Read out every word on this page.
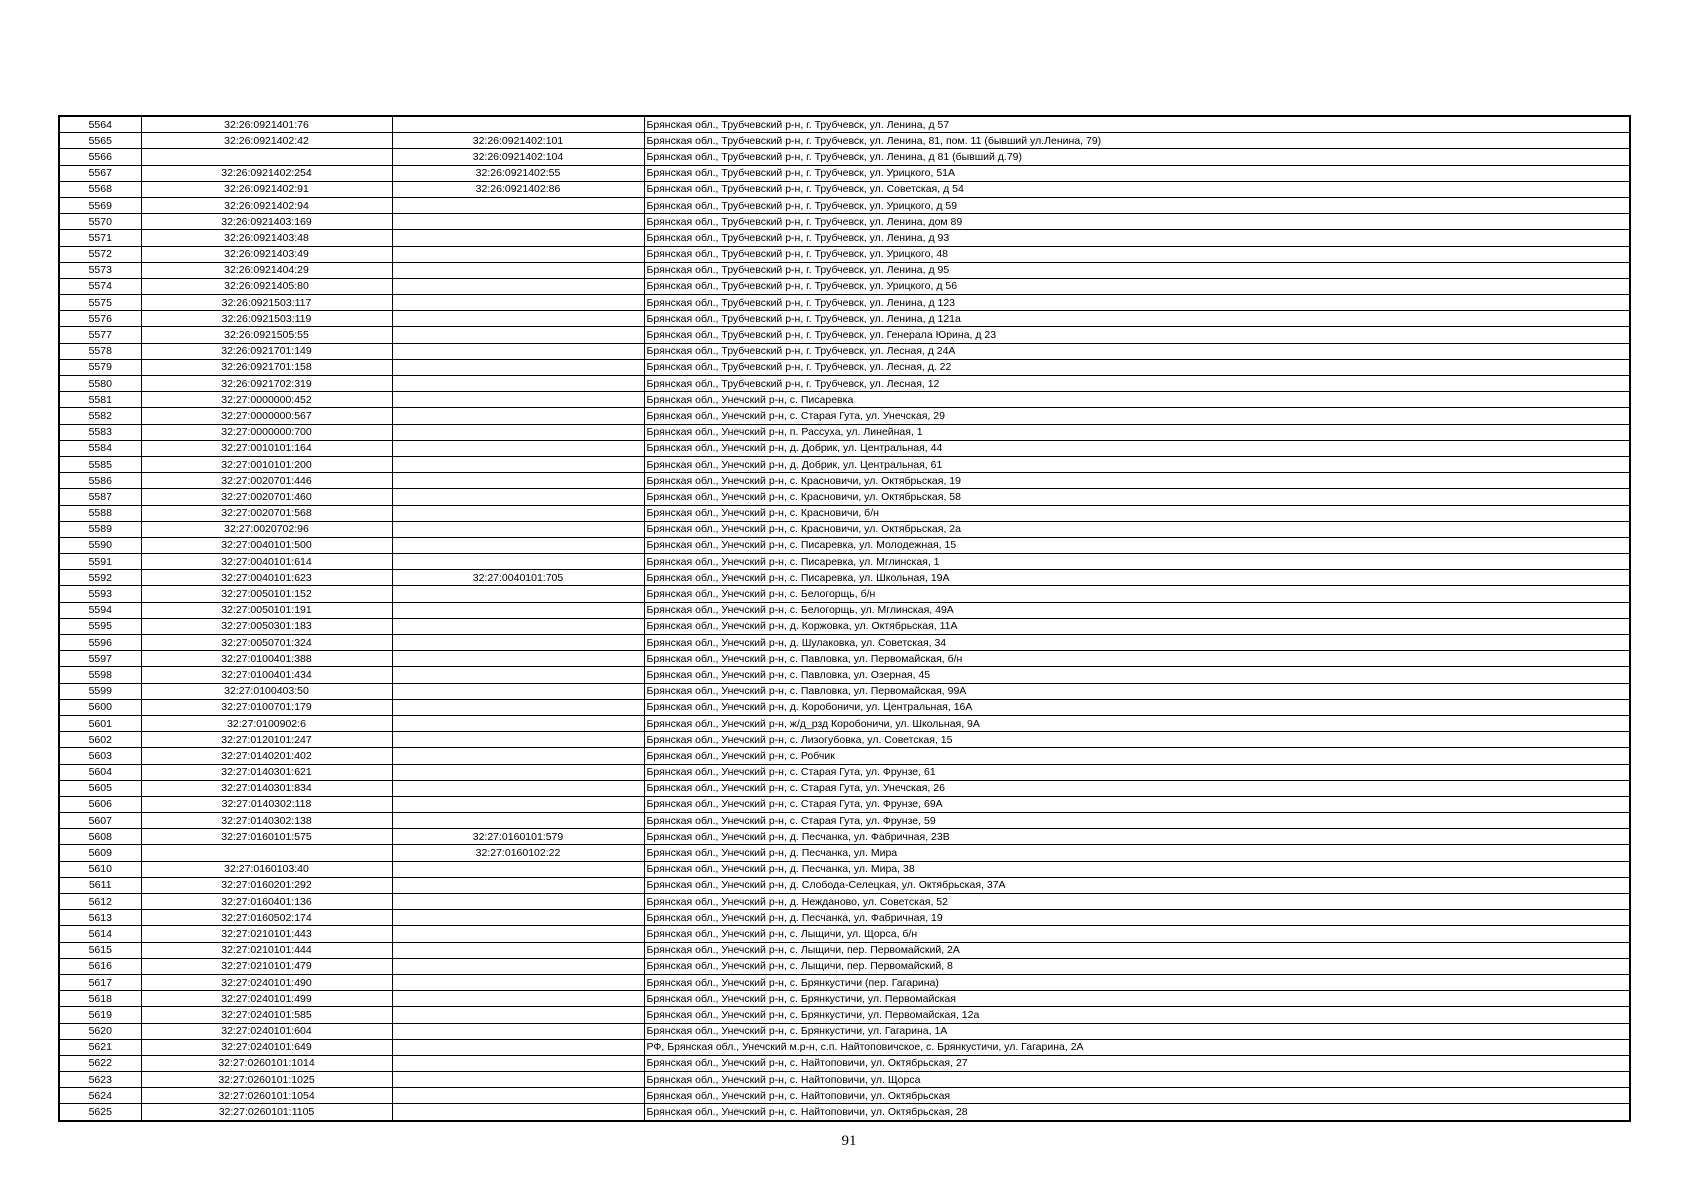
5564	32:26:0921401:76		Брянская обл., Трубчевский р-н, г. Трубчевск, ул. Ленина, д 57
5565	32:26:0921402:42	32:26:0921402:101	Брянская обл., Трубчевский р-н, г. Трубчевск, ул. Ленина, 81, пом. 11 (бывший ул.Ленина, 79)
5566		32:26:0921402:104	Брянская обл., Трубчевский р-н, г. Трубчевск, ул. Ленина, д 81 (бывший д.79)
5567	32:26:0921402:254	32:26:0921402:55	Брянская обл., Трубчевский р-н, г. Трубчевск, ул. Урицкого, 51А
5568	32:26:0921402:91	32:26:0921402:86	Брянская обл., Трубчевский р-н, г. Трубчевск, ул. Советская, д 54
5569	32:26:0921402:94		Брянская обл., Трубчевский р-н, г. Трубчевск, ул. Урицкого, д 59
5570	32:26:0921403:169		Брянская обл., Трубчевский р-н, г. Трубчевск, ул. Ленина, дом 89
5571	32:26:0921403:48		Брянская обл., Трубчевский р-н, г. Трубчевск, ул. Ленина, д 93
5572	32:26:0921403:49		Брянская обл., Трубчевский р-н, г. Трубчевск, ул. Урицкого, 48
5573	32:26:0921404:29		Брянская обл., Трубчевский р-н, г. Трубчевск, ул. Ленина, д 95
5574	32:26:0921405:80		Брянская обл., Трубчевский р-н, г. Трубчевск, ул. Урицкого, д 56
5575	32:26:0921503:117		Брянская обл., Трубчевский р-н, г. Трубчевск, ул. Ленина, д 123
5576	32:26:0921503:119		Брянская обл., Трубчевский р-н, г. Трубчевск, ул. Ленина, д 121а
5577	32:26:0921505:55		Брянская обл., Трубчевский р-н, г. Трубчевск, ул. Генерала Юрина, д 23
5578	32:26:0921701:149		Брянская обл., Трубчевский р-н, г. Трубчевск, ул. Лесная, д 24А
5579	32:26:0921701:158		Брянская обл., Трубчевский р-н, г. Трубчевск, ул. Лесная, д. 22
5580	32:26:0921702:319		Брянская обл., Трубчевский р-н, г. Трубчевск, ул. Лесная, 12
5581	32:27:0000000:452		Брянская обл., Унечский р-н, с. Писаревка
5582	32:27:0000000:567		Брянская обл., Унечский р-н, с. Старая Гута, ул. Унечская, 29
5583	32:27:0000000:700		Брянская обл., Унечский р-н, п. Рассуха, ул. Линейная, 1
5584	32:27:0010101:164		Брянская обл., Унечский р-н, д. Добрик, ул. Центральная, 44
5585	32:27:0010101:200		Брянская обл., Унечский р-н, д. Добрик, ул. Центральная, 61
5586	32:27:0020701:446		Брянская обл., Унечский р-н, с. Красновичи, ул. Октябрьская, 19
5587	32:27:0020701:460		Брянская обл., Унечский р-н, с. Красновичи, ул. Октябрьская, 58
5588	32:27:0020701:568		Брянская обл., Унечский р-н, с. Красновичи, б/н
5589	32:27:0020702:96		Брянская обл., Унечский р-н, с. Красновичи, ул. Октябрьская, 2а
5590	32:27:0040101:500		Брянская обл., Унечский р-н, с. Писаревка, ул. Молодежная, 15
5591	32:27:0040101:614		Брянская обл., Унечский р-н, с. Писаревка, ул. Мглинская, 1
5592	32:27:0040101:623	32:27:0040101:705	Брянская обл., Унечский р-н, с. Писаревка, ул. Школьная, 19А
5593	32:27:0050101:152		Брянская обл., Унечский р-н, с. Белогорщь, б/н
5594	32:27:0050101:191		Брянская обл., Унечский р-н, с. Белогорщь, ул. Мглинская, 49А
5595	32:27:0050301:183		Брянская обл., Унечский р-н, д. Коржовка, ул. Октябрьская, 11А
5596	32:27:0050701:324		Брянская обл., Унечский р-н, д. Шулаковка, ул. Советская, 34
5597	32:27:0100401:388		Брянская обл., Унечский р-н, с. Павловка, ул. Первомайская, б/н
5598	32:27:0100401:434		Брянская обл., Унечский р-н, с. Павловка, ул. Озерная, 45
5599	32:27:0100403:50		Брянская обл., Унечский р-н, с. Павловка, ул. Первомайская, 99А
5600	32:27:0100701:179		Брянская обл., Унечский р-н, д. Коробоничи, ул. Центральная, 16А
5601	32:27:0100902:6		Брянская обл., Унечский р-н, ж/д_рзд Коробоничи, ул. Школьная, 9А
5602	32:27:0120101:247		Брянская обл., Унечский р-н, с. Лизогубовка, ул. Советская, 15
5603	32:27:0140201:402		Брянская обл., Унечский р-н, с. Робчик
5604	32:27:0140301:621		Брянская обл., Унечский р-н, с. Старая Гута, ул. Фрунзе, 61
5605	32:27:0140301:834		Брянская обл., Унечский р-н, с. Старая Гута, ул. Унечская, 26
5606	32:27:0140302:118		Брянская обл., Унечский р-н, с. Старая Гута, ул. Фрунзе, 69А
5607	32:27:0140302:138		Брянская обл., Унечский р-н, с. Старая Гута, ул. Фрунзе, 59
5608	32:27:0160101:575	32:27:0160101:579	Брянская обл., Унечский р-н, д. Песчанка, ул. Фабричная, 23В
5609		32:27:0160102:22	Брянская обл., Унечский р-н, д. Песчанка, ул. Мира
5610	32:27:0160103:40		Брянская обл., Унечский р-н, д. Песчанка, ул. Мира, 38
5611	32:27:0160201:292		Брянская обл., Унечский р-н, д. Слобода-Селецкая, ул. Октябрьская, 37А
5612	32:27:0160401:136		Брянская обл., Унечский р-н, д. Нежданово, ул. Советская, 52
5613	32:27:0160502:174		Брянская обл., Унечский р-н, д. Песчанка, ул. Фабричная, 19
5614	32:27:0210101:443		Брянская обл., Унечский р-н, с. Лыщичи, ул. Щорса, б/н
5615	32:27:0210101:444		Брянская обл., Унечский р-н, с. Лыщичи, пер. Первомайский, 2А
5616	32:27:0210101:479		Брянская обл., Унечский р-н, с. Лыщичи, пер. Первомайский, 8
5617	32:27:0240101:490		Брянская обл., Унечский р-н, с. Брянкустичи (пер. Гагарина)
5618	32:27:0240101:499		Брянская обл., Унечский р-н, с. Брянкустичи, ул. Первомайская
5619	32:27:0240101:585		Брянская обл., Унечский р-н, с. Брянкустичи, ул. Первомайская, 12а
5620	32:27:0240101:604		Брянская обл., Унечский р-н, с. Брянкустичи, ул. Гагарина, 1А
5621	32:27:0240101:649		РФ, Брянская обл., Унечский м.р-н, с.п. Найтоповичское, с. Брянкустичи, ул. Гагарина, 2А
5622	32:27:0260101:1014		Брянская обл., Унечский р-н, с. Найтоповичи, ул. Октябрьская, 27
5623	32:27:0260101:1025		Брянская обл., Унечский р-н, с. Найтоповичи, ул. Щорса
5624	32:27:0260101:1054		Брянская обл., Унечский р-н, с. Найтоповичи, ул. Октябрьская
5625	32:27:0260101:1105		Брянская обл., Унечский р-н, с. Найтоповичи, ул. Октябрьская, 28
91
